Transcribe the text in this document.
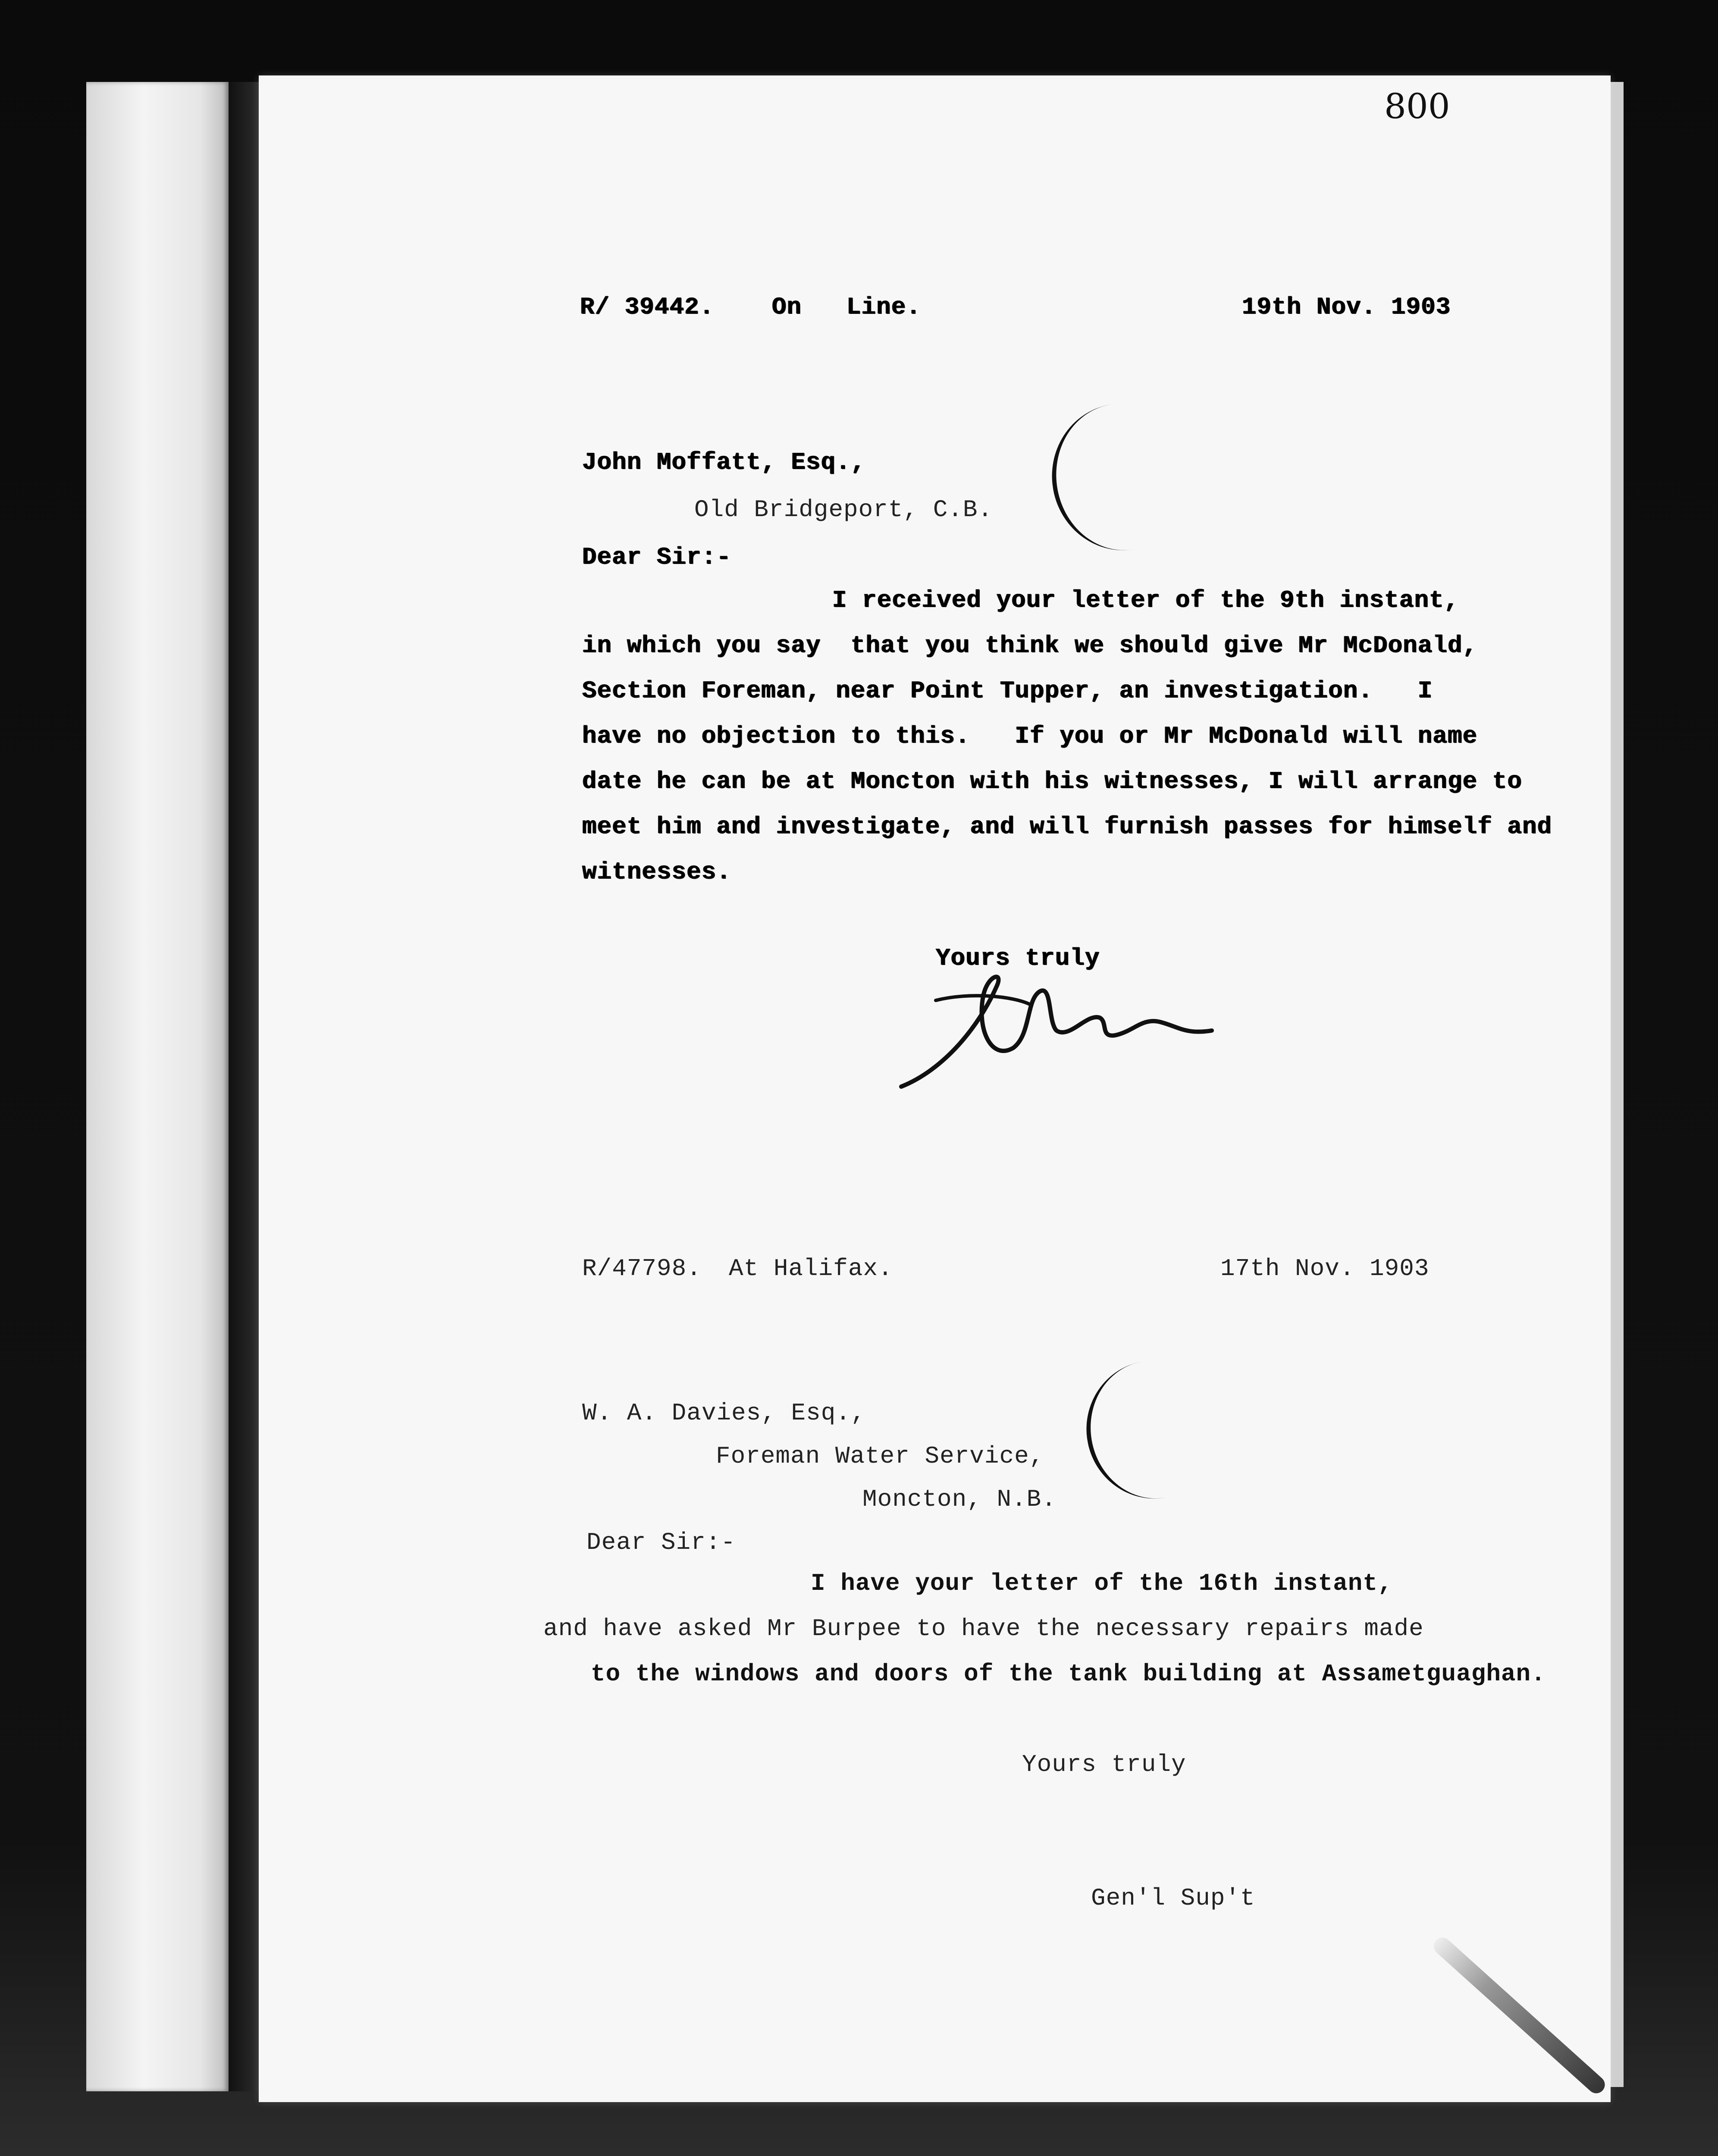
800
R/ 39442. On   Line.	19th Nov. 1903
John Moffatt, Esq.,
Old Bridgeport, C.B.
Dear Sir:-
I received your letter of the 9th instant,
in which you say  that you think we should give Mr McDonald,
Section Foreman, near Point Tupper, an investigation.   I
have no objection to this.   If you or Mr McDonald will name
date he can be at Moncton with his witnesses, I will arrange to
meet him and investigate, and will furnish passes for himself and
witnesses.
Yours truly
R/47798. At Halifax.	17th Nov. 1903
W. A. Davies, Esq.,
Foreman Water Service,
Moncton, N.B.
Dear Sir:-
I have your letter of the 16th instant,
and have asked Mr Burpee to have the necessary repairs made
to the windows and doors of the tank building at Assametguaghan.
Yours truly
Gen'l Sup't
